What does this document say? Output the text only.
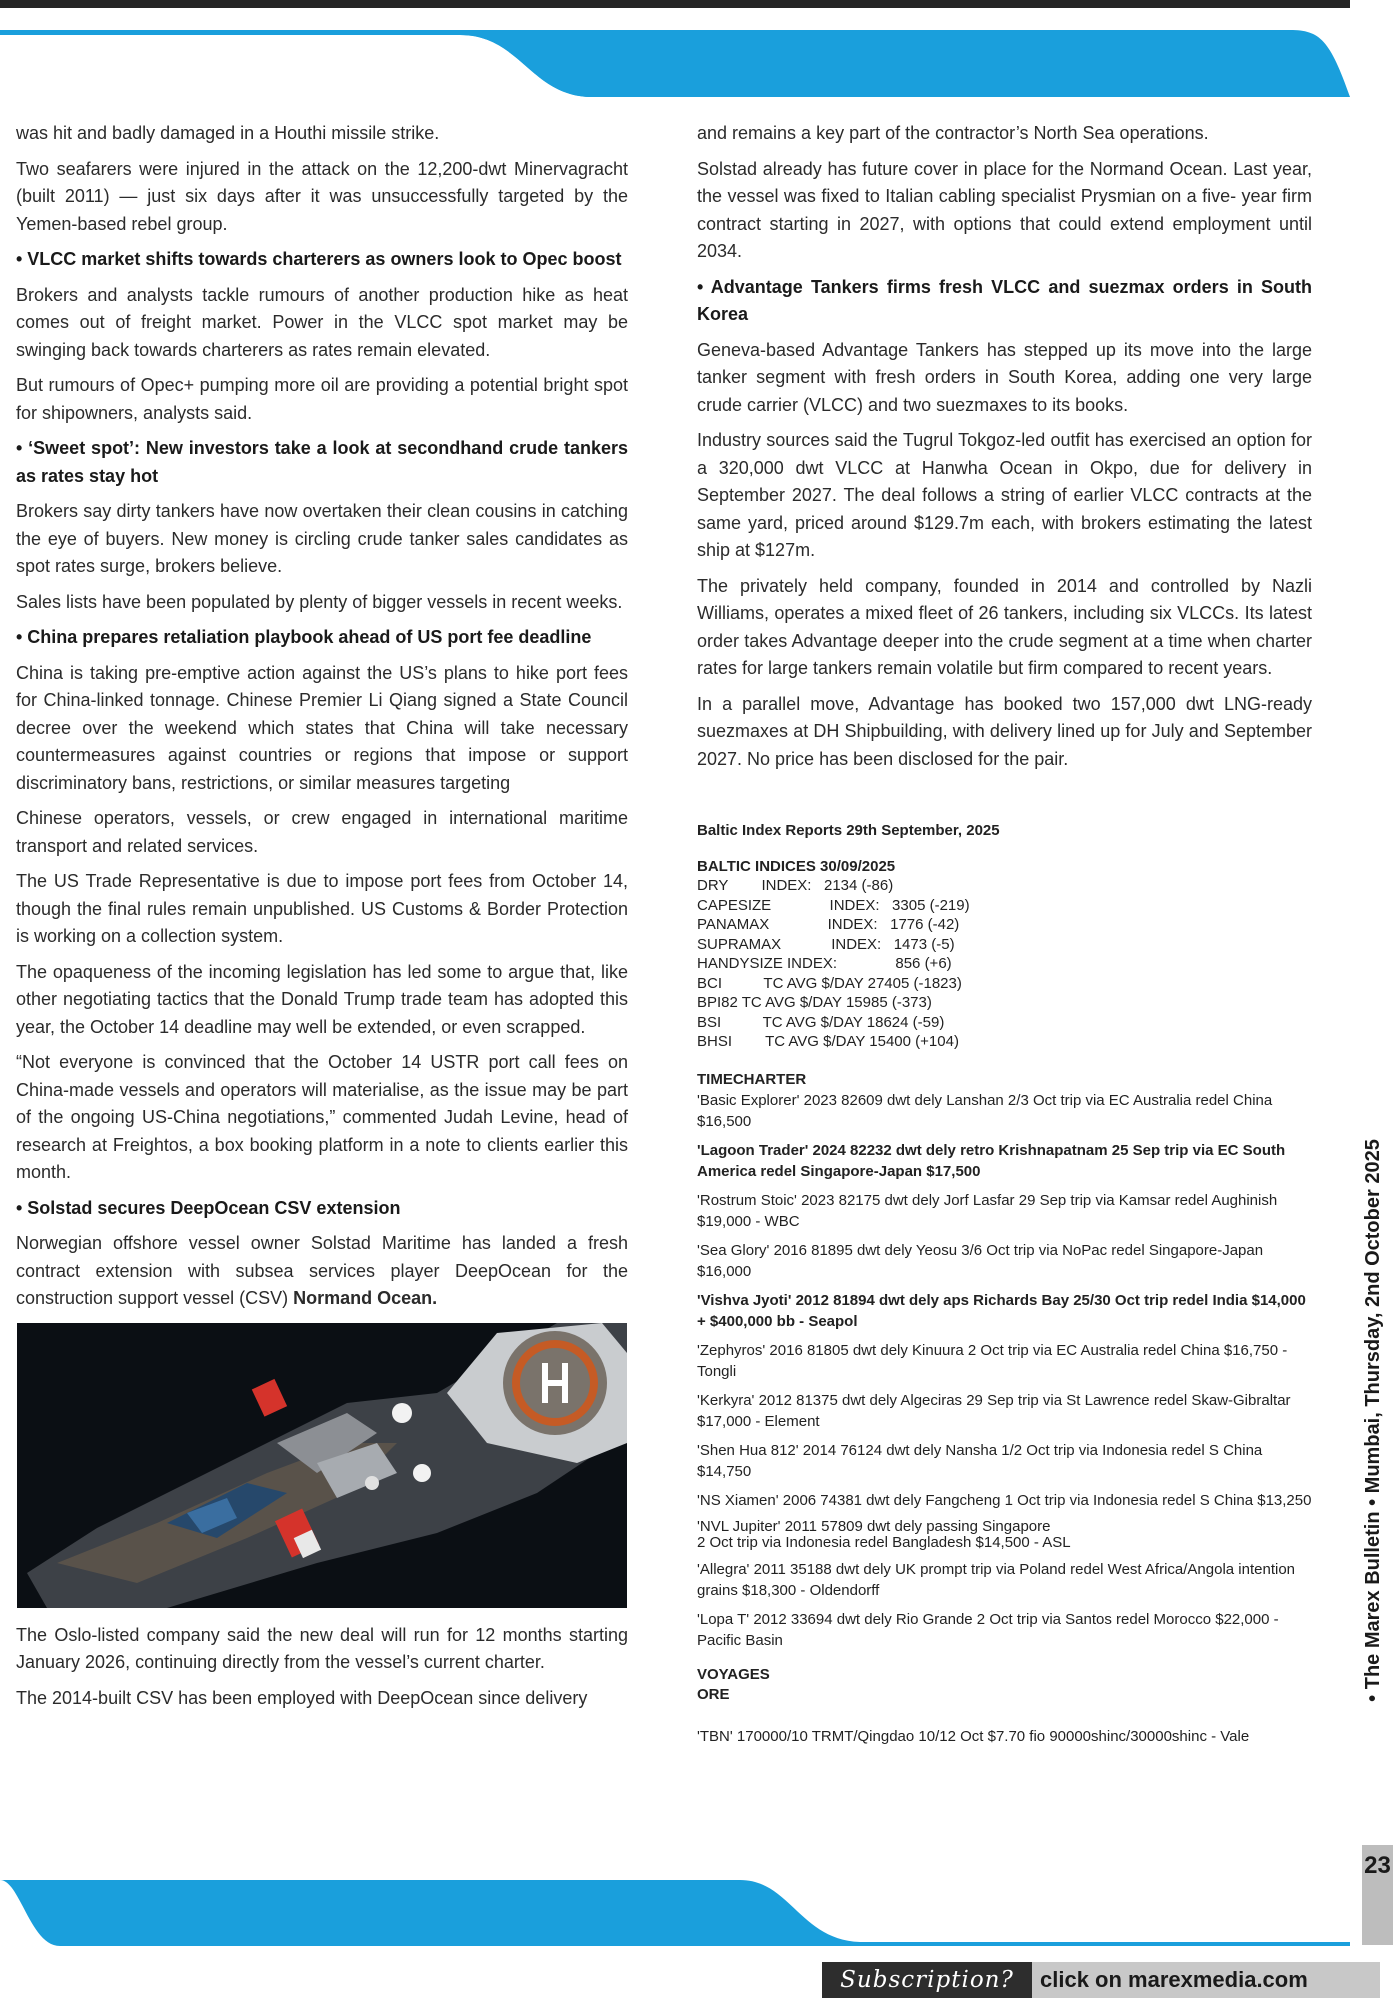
was hit and badly damaged in a Houthi missile strike.

Two seafarers were injured in the attack on the 12,200-dwt Minervagracht (built 2011) — just six days after it was unsuccessfully targeted by the Yemen-based rebel group.

• VLCC market shifts towards charterers as owners look to Opec boost

Brokers and analysts tackle rumours of another production hike as heat comes out of freight market. Power in the VLCC spot market may be swinging back towards charterers as rates remain elevated.

But rumours of Opec+ pumping more oil are providing a potential bright spot for shipowners, analysts said.

• ‘Sweet spot’: New investors take a look at secondhand crude tankers as rates stay hot

Brokers say dirty tankers have now overtaken their clean cousins in catching the eye of buyers. New money is circling crude tanker sales candidates as spot rates surge, brokers believe.

Sales lists have been populated by plenty of bigger vessels in recent weeks.

• China prepares retaliation playbook ahead of US port fee deadline

China is taking pre-emptive action against the US’s plans to hike port fees for China-linked tonnage. Chinese Premier Li Qiang signed a State Council decree over the weekend which states that China will take necessary countermeasures against countries or regions that impose or support discriminatory bans, restrictions, or similar measures targeting

Chinese operators, vessels, or crew engaged in international maritime transport and related services.

The US Trade Representative is due to impose port fees from October 14, though the final rules remain unpublished. US Customs & Border Protection is working on a collection system.

The opaqueness of the incoming legislation has led some to argue that, like other negotiating tactics that the Donald Trump trade team has adopted this year, the October 14 deadline may well be extended, or even scrapped.

“Not everyone is convinced that the October 14 USTR port call fees on China-made vessels and operators will materialise, as the issue may be part of the ongoing US-China negotiations,” commented Judah Levine, head of research at Freightos, a box booking platform in a note to clients earlier this month.

• Solstad secures DeepOcean CSV extension

Norwegian offshore vessel owner Solstad Maritime has landed a fresh contract extension with subsea services player DeepOcean for the construction support vessel (CSV) Normand Ocean.

The Oslo-listed company said the new deal will run for 12 months starting January 2026, continuing directly from the vessel’s current charter.

The 2014-built CSV has been employed with DeepOcean since delivery

and remains a key part of the contractor’s North Sea operations.

Solstad already has future cover in place for the Normand Ocean. Last year, the vessel was fixed to Italian cabling specialist Prysmian on a five- year firm contract starting in 2027, with options that could extend employment until 2034.

• Advantage Tankers firms fresh VLCC and suezmax orders in South Korea

Geneva-based Advantage Tankers has stepped up its move into the large tanker segment with fresh orders in South Korea, adding one very large crude carrier (VLCC) and two suezmaxes to its books.

Industry sources said the Tugrul Tokgoz-led outfit has exercised an option for a 320,000 dwt VLCC at Hanwha Ocean in Okpo, due for delivery in September 2027. The deal follows a string of earlier VLCC contracts at the same yard, priced around $129.7m each, with brokers estimating the latest ship at $127m.

The privately held company, founded in 2014 and controlled by Nazli Williams, operates a mixed fleet of 26 tankers, including six VLCCs. Its latest order takes Advantage deeper into the crude segment at a time when charter rates for large tankers remain volatile but firm compared to recent years.

In a parallel move, Advantage has booked two 157,000 dwt LNG-ready suezmaxes at DH Shipbuilding, with delivery lined up for July and September 2027. No price has been disclosed for the pair.

Baltic Index Reports 29th September, 2025

BALTIC INDICES 30/09/2025

DRY        INDEX:   2134 (-86)

CAPESIZE              INDEX:   3305 (-219)

PANAMAX              INDEX:   1776 (-42)

SUPRAMAX            INDEX:   1473 (-5)

HANDYSIZE INDEX:              856 (+6)

BCI          TC AVG $/DAY 27405 (-1823)

BPI82 TC AVG $/DAY 15985 (-373)

BSI          TC AVG $/DAY 18624 (-59)

BHSI        TC AVG $/DAY 15400 (+104)

TIMECHARTER

'Basic Explorer' 2023 82609 dwt dely Lanshan 2/3 Oct trip via EC Australia redel China $16,500

'Lagoon Trader' 2024 82232 dwt dely retro Krishnapatnam 25 Sep trip via EC South America redel Singapore-Japan $17,500

'Rostrum Stoic' 2023 82175 dwt dely Jorf Lasfar 29 Sep trip via Kamsar redel Aughinish $19,000 - WBC

'Sea Glory' 2016 81895 dwt dely Yeosu 3/6 Oct trip via NoPac redel Singapore-Japan $16,000

'Vishva Jyoti' 2012 81894 dwt dely aps Richards Bay 25/30 Oct trip redel India $14,000 + $400,000 bb - Seapol

'Zephyros' 2016 81805 dwt dely Kinuura 2 Oct trip via EC Australia redel China $16,750 - Tongli

'Kerkyra' 2012 81375 dwt dely Algeciras 29 Sep trip via St Lawrence redel Skaw-Gibraltar $17,000 - Element

'Shen Hua 812' 2014 76124 dwt dely Nansha 1/2 Oct trip via Indonesia redel S China $14,750

'NS Xiamen' 2006 74381 dwt dely Fangcheng 1 Oct trip via Indonesia redel S China $13,250

'NVL Jupiter' 2011 57809 dwt dely passing Singapore
2 Oct trip via Indonesia redel Bangladesh $14,500 - ASL

'Allegra' 2011 35188 dwt dely UK prompt trip via Poland redel West Africa/Angola intention grains $18,300 - Oldendorff

'Lopa T' 2012 33694 dwt dely Rio Grande 2 Oct trip via Santos redel Morocco $22,000 - Pacific Basin

VOYAGES

ORE

'TBN' 170000/10 TRMT/Qingdao 10/12 Oct $7.70 fio 90000shinc/30000shinc - Vale

• The Marex Bulletin • Mumbai, Thursday, 2nd October 2025
23
Subscription?	click on marexmedia.com
